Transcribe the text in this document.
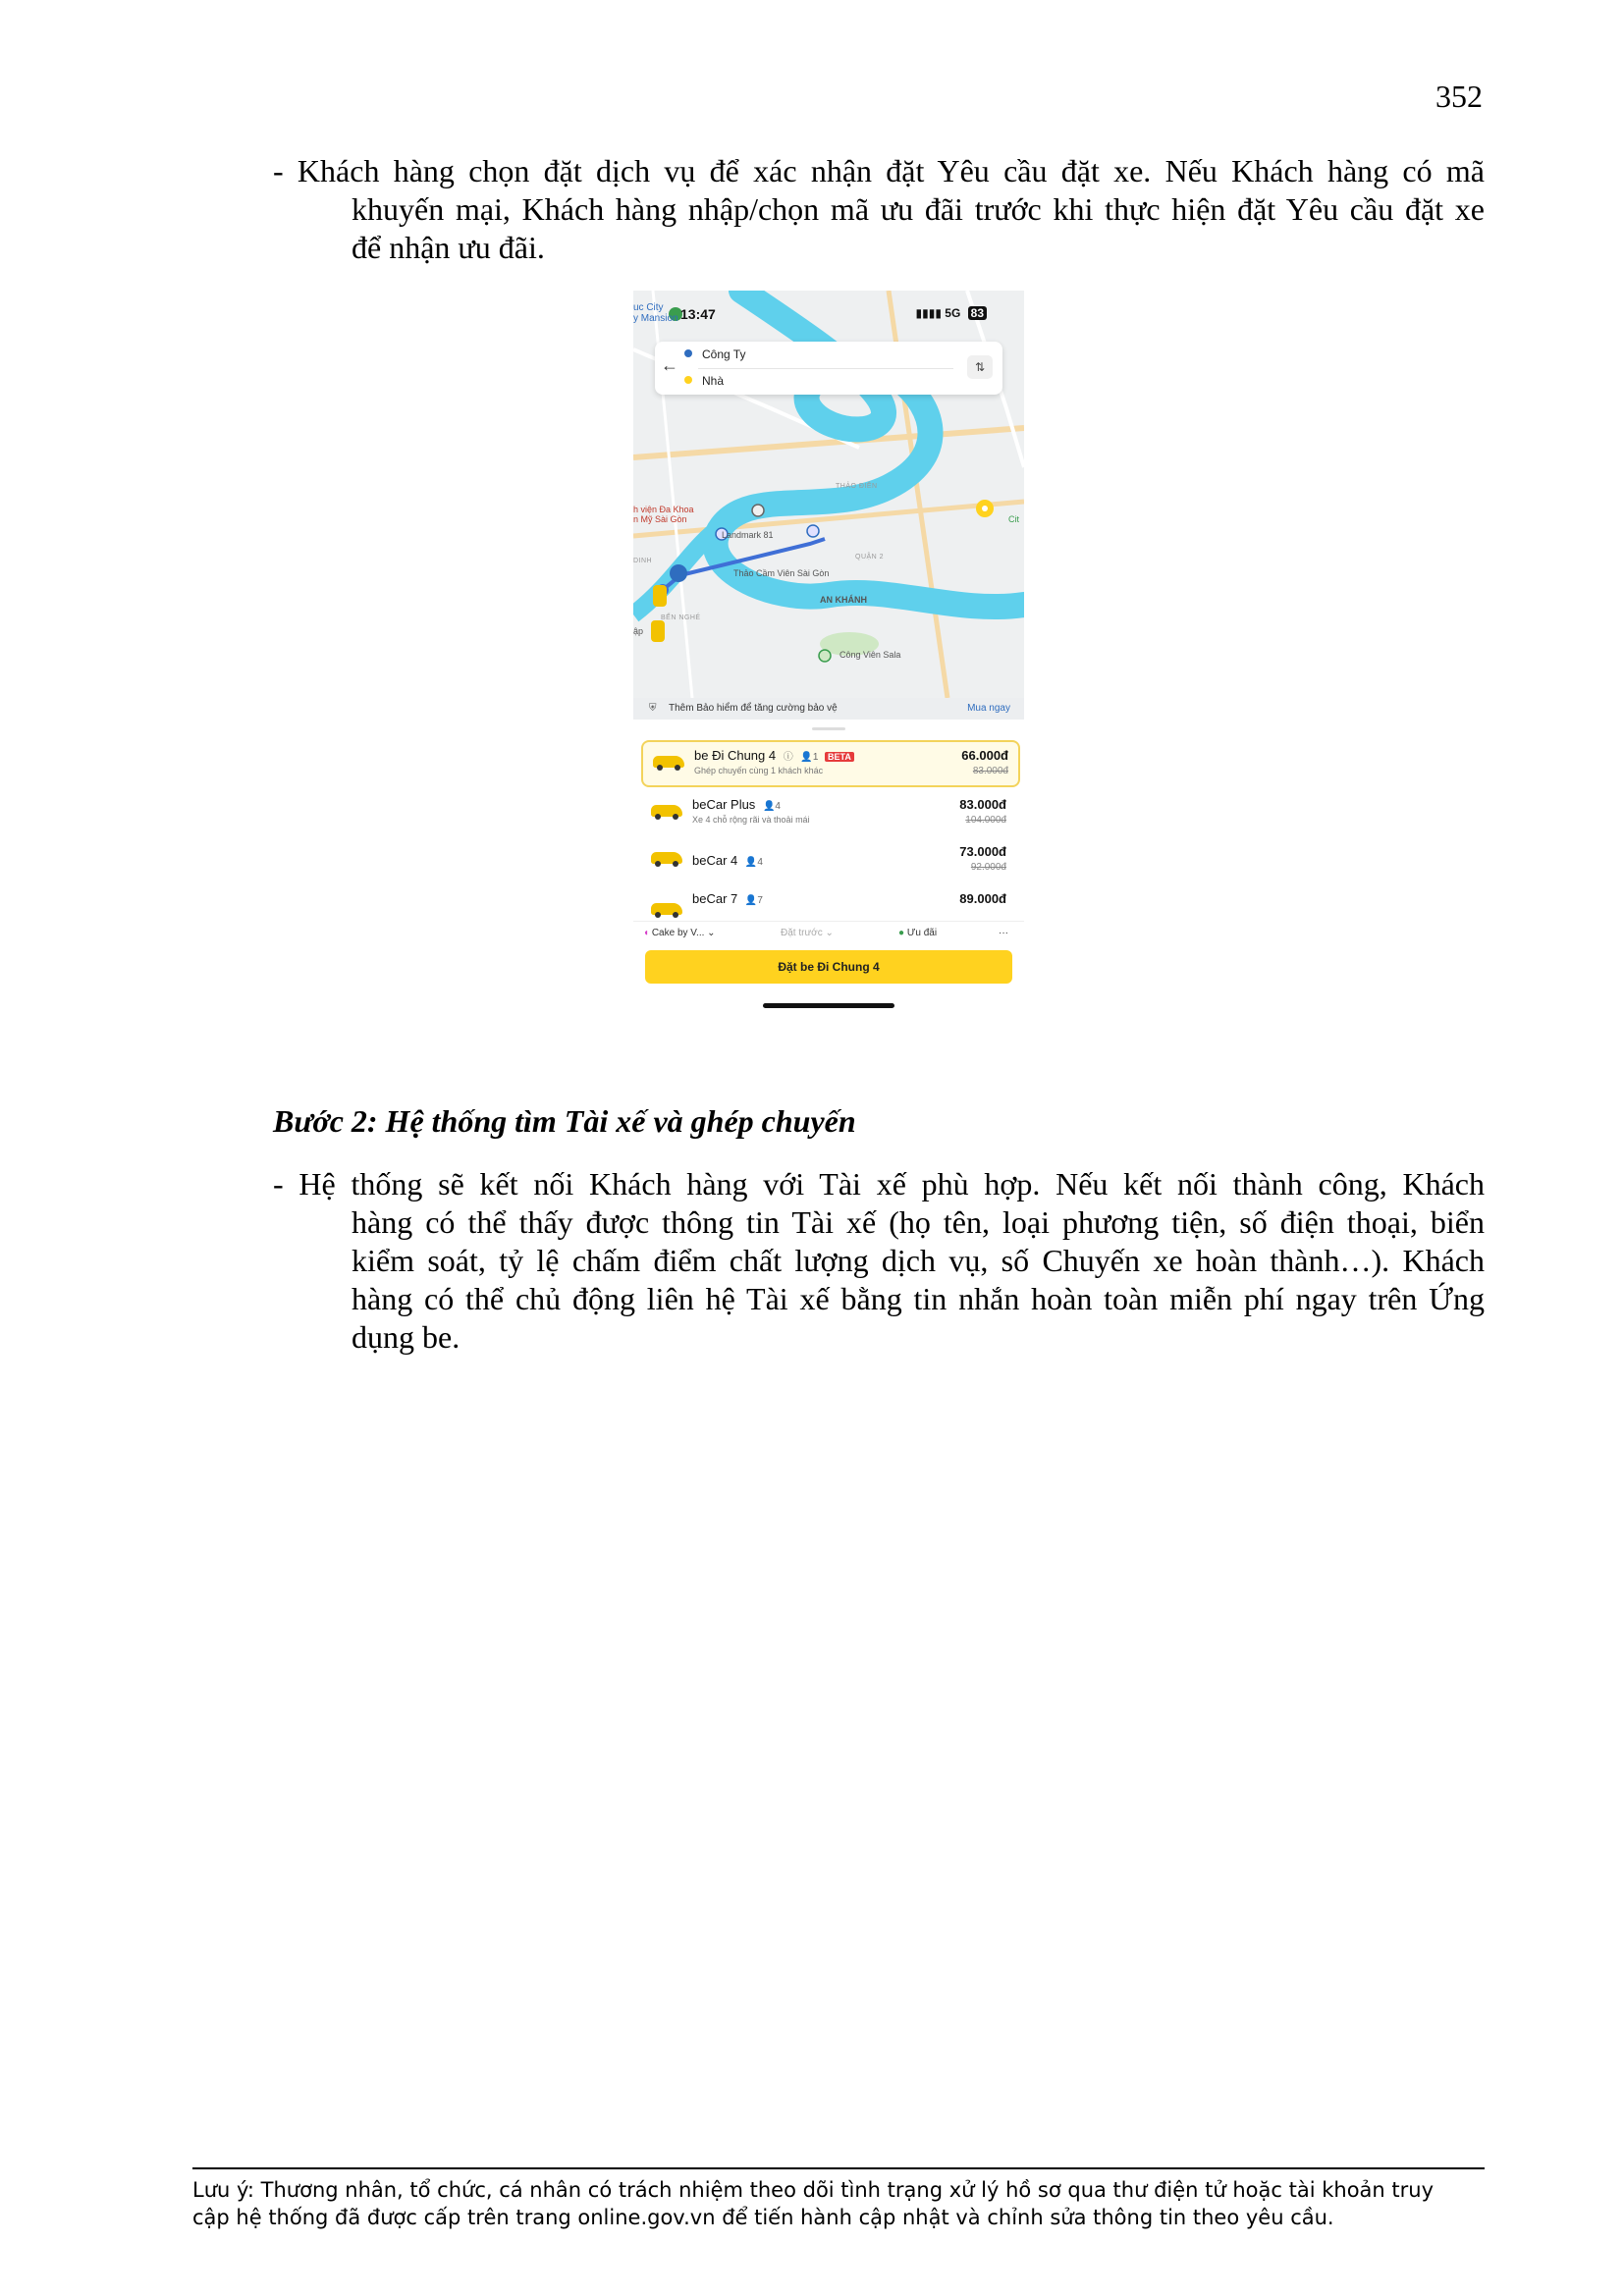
352
- Khách hàng chọn đặt dịch vụ để xác nhận đặt Yêu cầu đặt xe. Nếu Khách hàng có mã
khuyến mại, Khách hàng nhập/chọn mã ưu đãi trước khi thực hiện đặt Yêu cầu đặt xe
để nhận ưu đãi.
uc City
y Mansion 13:47	▮▮▮▮ 5G 83
←
Công Ty
Nhà
⇅
Landmark 81
Thảo Cầm Viên Sài Gòn
Công Viên Sala
AN KHÁNH
QUẬN 2
THẢO ĐIỀN
h viện Đa Khoa
n Mỹ Sài Gòn
DINH
BẾN NGHÉ
ập
Cit
⛨ Thêm Bảo hiểm để tăng cường bảo vệ	Mua ngay
be Đi Chung 4 ⓘ 👤1 BETA
Ghép chuyến cùng 1 khách khác
66.000đ
83.000đ
beCar Plus 👤4
Xe 4 chỗ rộng rãi và thoải mái
83.000đ
104.000đ
beCar 4 👤4
73.000đ
92.000đ
beCar 7 👤7	89.000đ
◖ Cake by V... ⌄	Đặt trước ⌄	● Ưu đãi	···
Đặt be Đi Chung 4
Bước 2: Hệ thống tìm Tài xế và ghép chuyến
- Hệ thống sẽ kết nối Khách hàng với Tài xế phù hợp. Nếu kết nối thành công, Khách
hàng có thể thấy được thông tin Tài xế (họ tên, loại phương tiện, số điện thoại, biển
kiểm soát, tỷ lệ chấm điểm chất lượng dịch vụ, số Chuyến xe hoàn thành…). Khách
hàng có thể chủ động liên hệ Tài xế bằng tin nhắn hoàn toàn miễn phí ngay trên Ứng
dụng be.
Lưu ý: Thương nhân, tổ chức, cá nhân có trách nhiệm theo dõi tình trạng xử lý hồ sơ qua thư điện tử hoặc tài khoản truy
cập hệ thống đã được cấp trên trang online.gov.vn để tiến hành cập nhật và chỉnh sửa thông tin theo yêu cầu.
